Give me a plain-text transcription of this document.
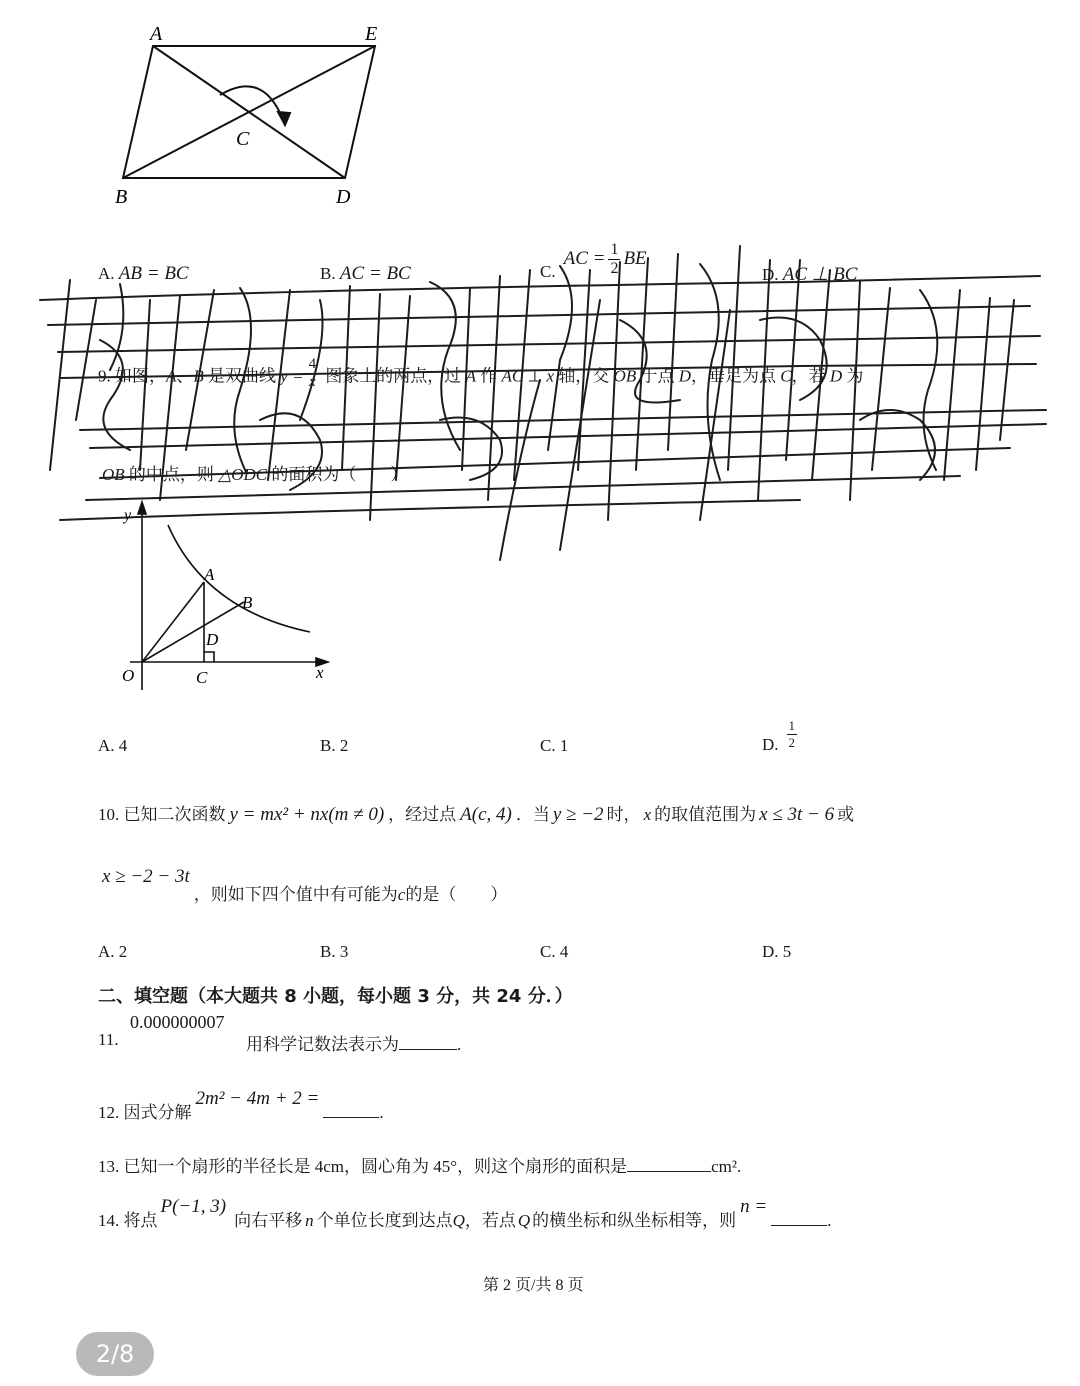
A	E
C
B	D
A. AB = BC	B. AC = BC	C.
AC = $\frac{1}{2}$ BE
D. AC ⊥ BC
9. 如图，A、B 是双曲线 $y = \frac{4}{x}$ 图象上的两点，过 A 作 AC ⊥ x 轴，交 OB 于点 D，垂足为点 C，若 D 为
OB 的中点，则 △ODC 的面积为（　　）
y
A
B
D
O	C	x
A. 4	B. 2	C. 1	D.
1
2
10. 已知二次函数 y = mx² + nx(m ≠ 0) ，经过点 A(c, 4) ．当 y ≥ −2 时， x 的取值范围为 x ≤ 3t − 6 或
x ≥ −2 − 3t，则如下四个值中有可能为c的是（　　）
A. 2	B. 3	C. 4	D. 5
二、填空题（本大题共 8 小题，每小题 3 分，共 24 分．）
11.
0.000000007
用科学记数法表示为	.
12. 因式分解2m² − 4m + 2 =.
13. 已知一个扇形的半径长是 4cm，圆心角为 45°，则这个扇形的面积是	cm².
14. 将点P(−1, 3)向右平移 n 个单位长度到达点Q，若点 Q 的横坐标和纵坐标相等，则n =.
第 2 页/共 8 页
2/8
